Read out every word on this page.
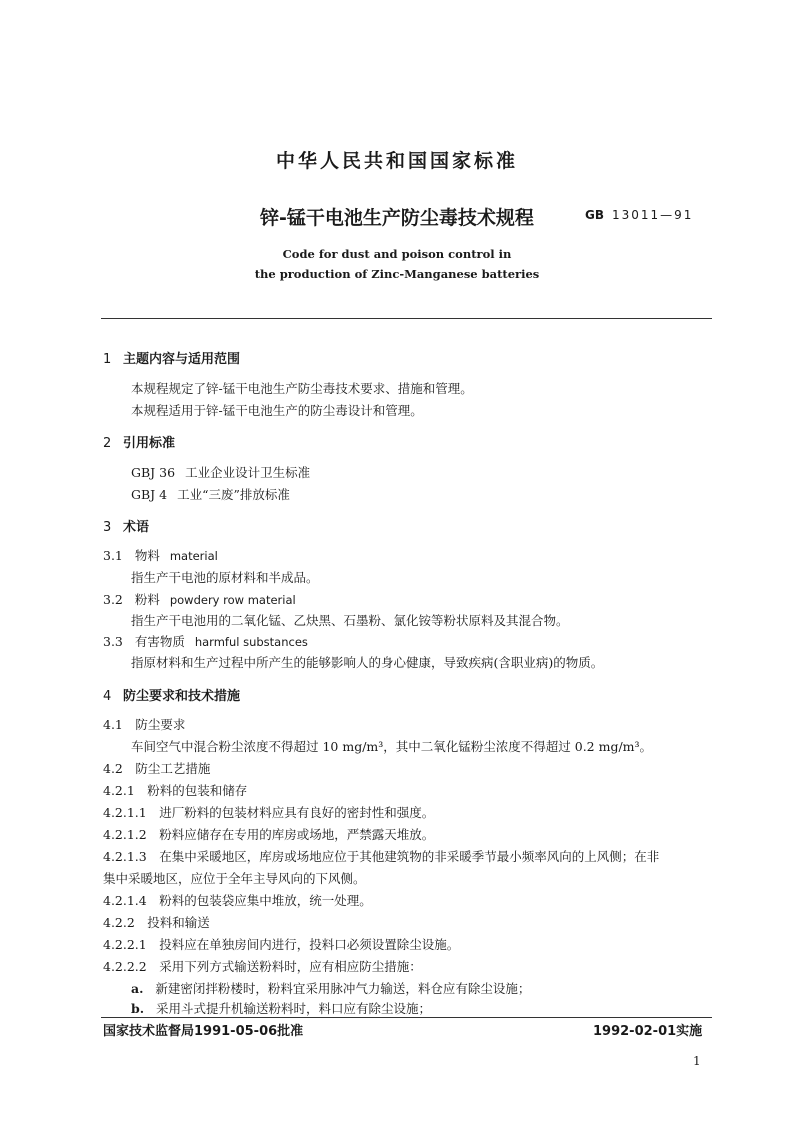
中华人民共和国国家标准
锌-锰干电池生产防尘毒技术规程	GB 13011—91
Code for dust and poison control in
the production of Zinc-Manganese batteries
1 主题内容与适用范围
本规程规定了锌-锰干电池生产防尘毒技术要求、措施和管理。
本规程适用于锌-锰干电池生产的防尘毒设计和管理。
2 引用标准
GBJ 36 工业企业设计卫生标准
GBJ 4 工业“三废”排放标准
3 术语
3.1 物料 material
指生产干电池的原材料和半成品。
3.2 粉料 powdery row material
指生产干电池用的二氧化锰、乙炔黑、石墨粉、氯化铵等粉状原料及其混合物。
3.3 有害物质 harmful substances
指原材料和生产过程中所产生的能够影响人的身心健康，导致疾病(含职业病)的物质。
4 防尘要求和技术措施
4.1　防尘要求
车间空气中混合粉尘浓度不得超过 10 mg/m³，其中二氧化锰粉尘浓度不得超过 0.2 mg/m³。
4.2　防尘工艺措施
4.2.1　粉料的包装和储存
4.2.1.1　进厂粉料的包装材料应具有良好的密封性和强度。
4.2.1.2　粉料应储存在专用的库房或场地，严禁露天堆放。
4.2.1.3　在集中采暖地区，库房或场地应位于其他建筑物的非采暖季节最小频率风向的上风侧；在非
集中采暖地区，应位于全年主导风向的下风侧。
4.2.1.4　粉料的包装袋应集中堆放，统一处理。
4.2.2　投料和输送
4.2.2.1　投料应在单独房间内进行，投料口必须设置除尘设施。
4.2.2.2　采用下列方式输送粉料时，应有相应防尘措施：
a. 新建密闭拌粉楼时，粉料宜采用脉冲气力输送，料仓应有除尘设施；
b. 采用斗式提升机输送粉料时，料口应有除尘设施；
国家技术监督局1991-05-06批准	1992-02-01实施
1
